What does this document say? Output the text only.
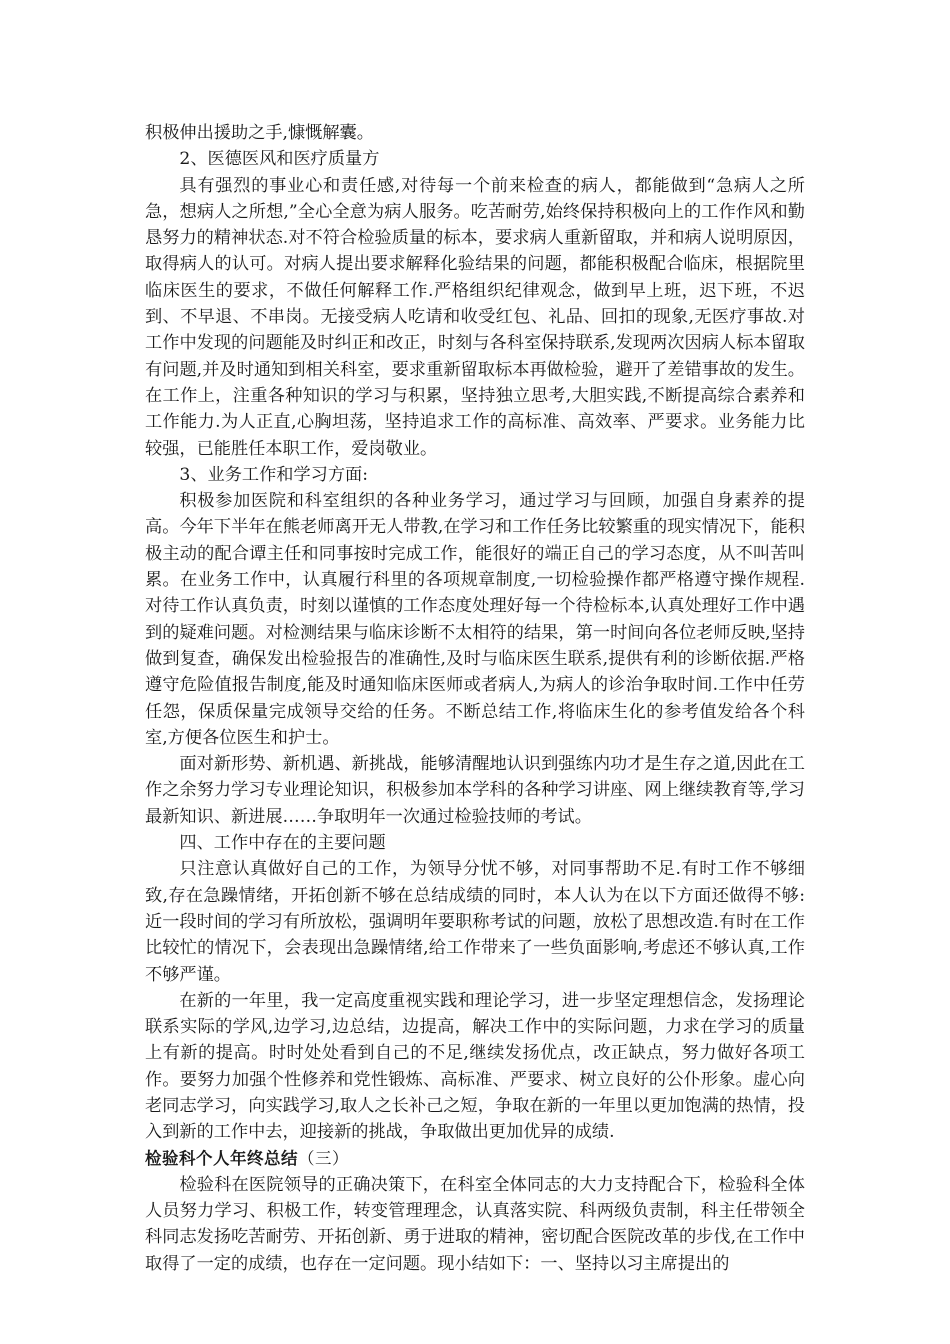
积极伸出援助之手,慷慨解囊。

2、医德医风和医疗质量方

具有强烈的事业心和责任感,对待每一个前来检查的病人，都能做到“急病人之所急，想病人之所想,”全心全意为病人服务。吃苦耐劳,始终保持积极向上的工作作风和勤恳努力的精神状态.对不符合检验质量的标本，要求病人重新留取，并和病人说明原因，取得病人的认可。对病人提出要求解释化验结果的问题，都能积极配合临床，根据院里临床医生的要求，不做任何解释工作.严格组织纪律观念，做到早上班，迟下班，不迟到、不早退、不串岗。无接受病人吃请和收受红包、礼品、回扣的现象,无医疗事故.对工作中发现的问题能及时纠正和改正，时刻与各科室保持联系,发现两次因病人标本留取有问题,并及时通知到相关科室，要求重新留取标本再做检验，避开了差错事故的发生。在工作上，注重各种知识的学习与积累，坚持独立思考,大胆实践,不断提高综合素养和工作能力.为人正直,心胸坦荡，坚持追求工作的高标准、高效率、严要求。业务能力比较强，已能胜任本职工作，爱岗敬业。

3、业务工作和学习方面:

积极参加医院和科室组织的各种业务学习，通过学习与回顾，加强自身素养的提高。今年下半年在熊老师离开无人带教,在学习和工作任务比较繁重的现实情况下，能积极主动的配合谭主任和同事按时完成工作，能很好的端正自己的学习态度，从不叫苦叫累。在业务工作中，认真履行科里的各项规章制度,一切检验操作都严格遵守操作规程.对待工作认真负责，时刻以谨慎的工作态度处理好每一个待检标本,认真处理好工作中遇到的疑难问题。对检测结果与临床诊断不太相符的结果，第一时间向各位老师反映,坚持做到复查，确保发出检验报告的准确性,及时与临床医生联系,提供有利的诊断依据.严格遵守危险值报告制度,能及时通知临床医师或者病人,为病人的诊治争取时间.工作中任劳任怨，保质保量完成领导交给的任务。不断总结工作,将临床生化的参考值发给各个科室,方便各位医生和护士。

面对新形势、新机遇、新挑战，能够清醒地认识到强练内功才是生存之道,因此在工作之余努力学习专业理论知识，积极参加本学科的各种学习讲座、网上继续教育等,学习最新知识、新进展……争取明年一次通过检验技师的考试。

四、工作中存在的主要问题

只注意认真做好自己的工作，为领导分忧不够，对同事帮助不足.有时工作不够细致,存在急躁情绪，开拓创新不够在总结成绩的同时，本人认为在以下方面还做得不够:近一段时间的学习有所放松，强调明年要职称考试的问题，放松了思想改造.有时在工作比较忙的情况下，会表现出急躁情绪,给工作带来了一些负面影响,考虑还不够认真,工作不够严谨。

在新的一年里，我一定高度重视实践和理论学习，进一步坚定理想信念，发扬理论联系实际的学风,边学习,边总结，边提高，解决工作中的实际问题，力求在学习的质量上有新的提高。时时处处看到自己的不足,继续发扬优点，改正缺点，努力做好各项工作。要努力加强个性修养和党性锻炼、高标准、严要求、树立良好的公仆形象。虚心向老同志学习，向实践学习,取人之长补己之短，争取在新的一年里以更加饱满的热情，投入到新的工作中去，迎接新的挑战，争取做出更加优异的成绩.

检验科个人年终总结（三）

检验科在医院领导的正确决策下，在科室全体同志的大力支持配合下，检验科全体人员努力学习、积极工作，转变管理理念，认真落实院、科两级负责制，科主任带领全科同志发扬吃苦耐劳、开拓创新、勇于进取的精神，密切配合医院改革的步伐,在工作中取得了一定的成绩，也存在一定问题。现小结如下：一、坚持以习主席提出的
